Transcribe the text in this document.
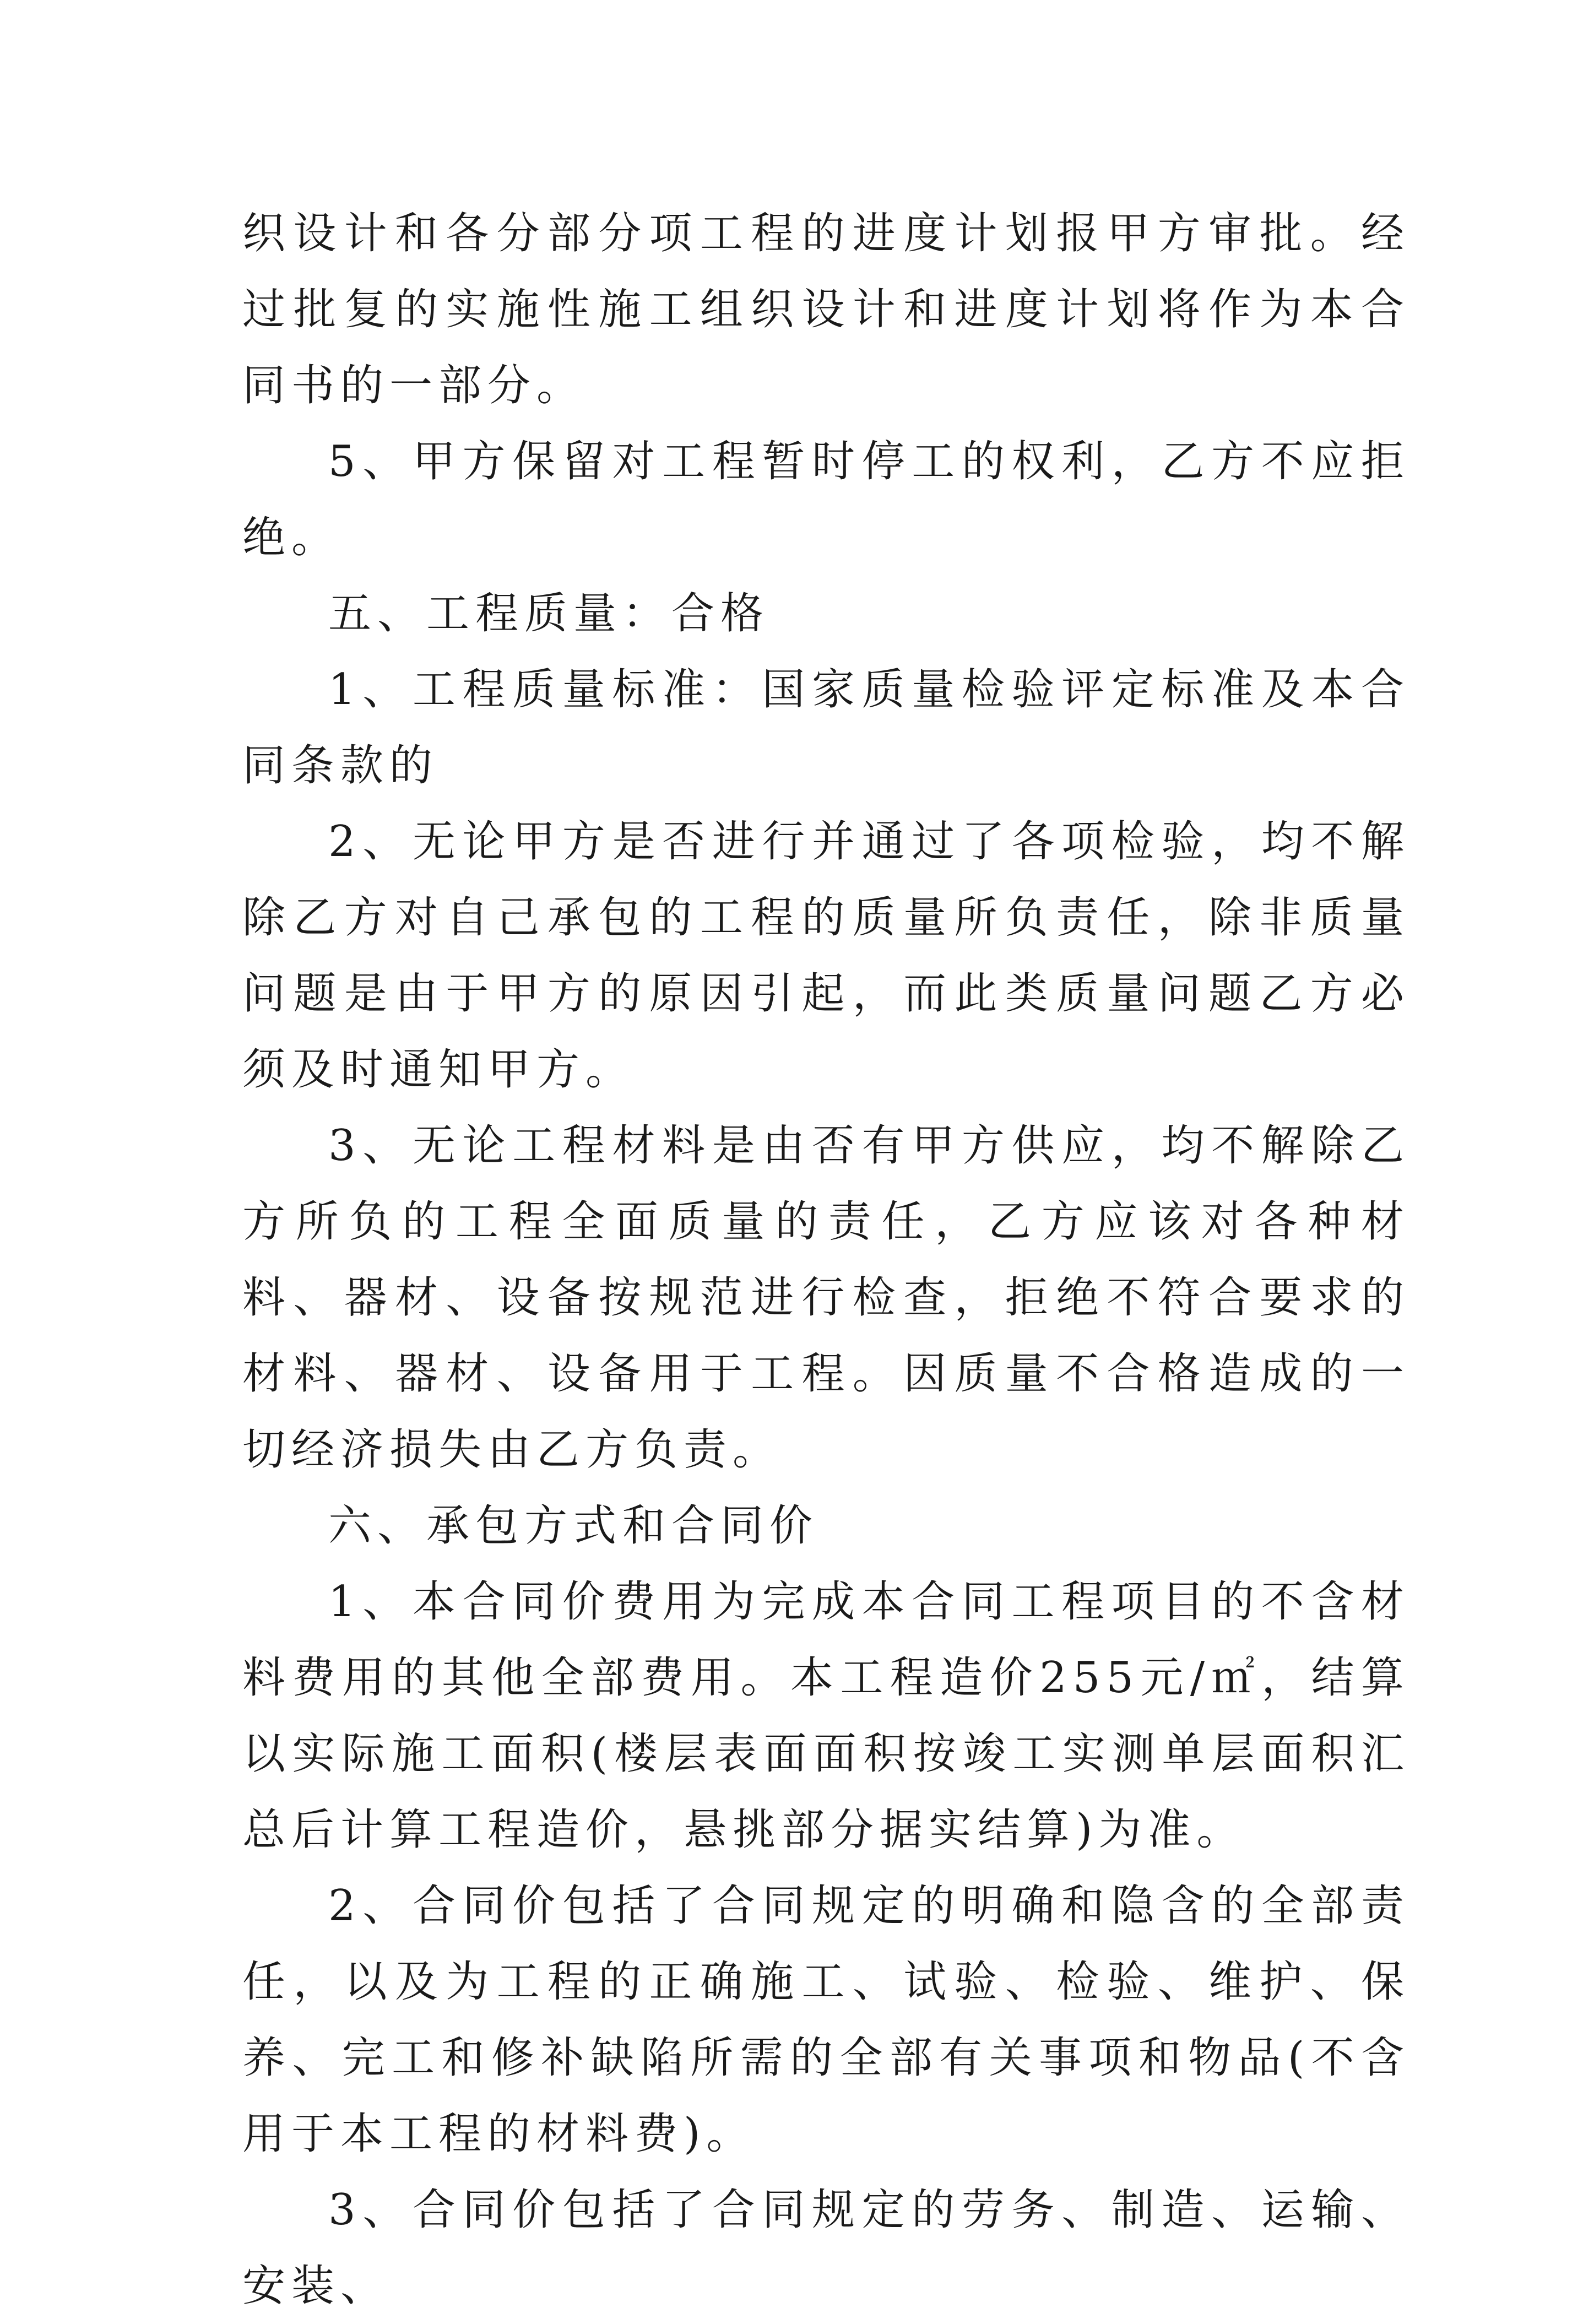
织设计和各分部分项工程的进度计划报甲方审批。经过批复的实施性施工组织设计和进度计划将作为本合同书的一部分。

5、甲方保留对工程暂时停工的权利，乙方不应拒绝。

五、工程质量：合格

1、工程质量标准：国家质量检验评定标准及本合同条款的

2、无论甲方是否进行并通过了各项检验，均不解除乙方对自己承包的工程的质量所负责任，除非质量问题是由于甲方的原因引起，而此类质量问题乙方必须及时通知甲方。

3、无论工程材料是由否有甲方供应，均不解除乙方所负的工程全面质量的责任，乙方应该对各种材料、器材、设备按规范进行检查，拒绝不符合要求的材料、器材、设备用于工程。因质量不合格造成的一切经济损失由乙方负责。

六、承包方式和合同价

1、本合同价费用为完成本合同工程项目的不含材料费用的其他全部费用。本工程造价255元/㎡，结算以实际施工面积(楼层表面面积按竣工实测单层面积汇总后计算工程造价，悬挑部分据实结算)为准。

2、合同价包括了合同规定的明确和隐含的全部责任，以及为工程的正确施工、试验、检验、维护、保养、完工和修补缺陷所需的全部有关事项和物品(不含用于本工程的材料费)。

3、合同价包括了合同规定的劳务、制造、运输、安装、
